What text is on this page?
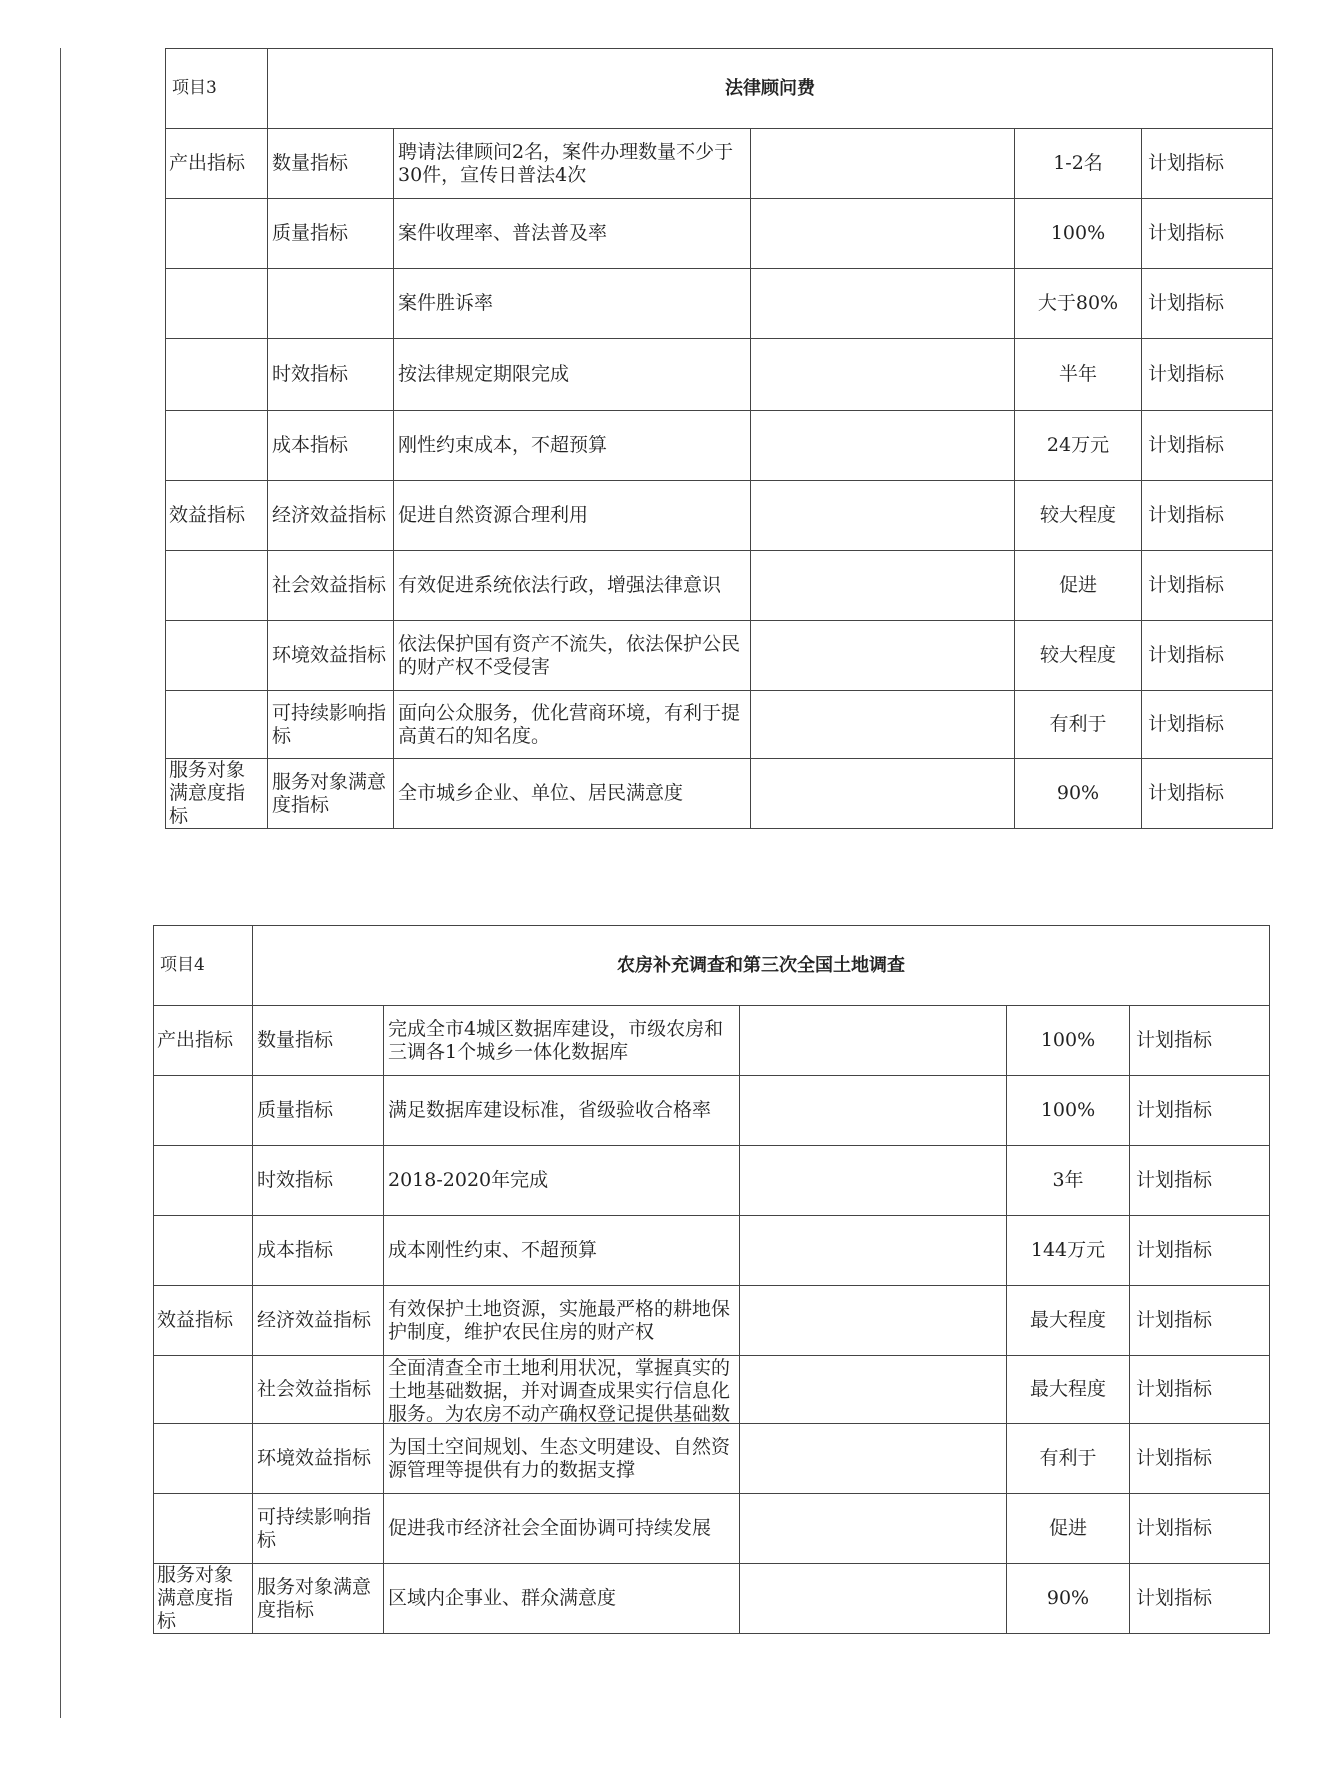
项目3	法律顾问费				

产出指标	数量指标	聘请法律顾问2名，案件办理数量不少于30件，宣传日普法4次		1-2名	计划指标

	质量指标	案件收理率、普法普及率		100%	计划指标

		案件胜诉率		大于80%	计划指标

	时效指标	按法律规定期限完成		半年	计划指标

	成本指标	刚性约束成本，不超预算		24万元	计划指标

效益指标	经济效益指标	促进自然资源合理利用		较大程度	计划指标

	社会效益指标	有效促进系统依法行政，增强法律意识		促进	计划指标

	环境效益指标	依法保护国有资产不流失，依法保护公民的财产权不受侵害		较大程度	计划指标

	可持续影响指标	面向公众服务，优化营商环境，有利于提高黄石的知名度。		有利于	计划指标

服务对象满意度指标	服务对象满意度指标	全市城乡企业、单位、居民满意度		90%	计划指标
项目4	农房补充调查和第三次全国土地调查				

产出指标	数量指标	完成全市4城区数据库建设，市级农房和三调各1个城乡一体化数据库		100%	计划指标

	质量指标	满足数据库建设标准，省级验收合格率		100%	计划指标

	时效指标	2018-2020年完成		3年	计划指标

	成本指标	成本刚性约束、不超预算		144万元	计划指标

效益指标	经济效益指标	有效保护土地资源，实施最严格的耕地保护制度，维护农民住房的财产权		最大程度	计划指标

	社会效益指标	全面清查全市土地利用状况，掌握真实的土地基础数据，并对调查成果实行信息化服务。为农房不动产确权登记提供基础数		最大程度	计划指标

	环境效益指标	为国土空间规划、生态文明建设、自然资源管理等提供有力的数据支撑		有利于	计划指标

	可持续影响指标	促进我市经济社会全面协调可持续发展		促进	计划指标

服务对象满意度指标	服务对象满意度指标	区域内企事业、群众满意度		90%	计划指标
